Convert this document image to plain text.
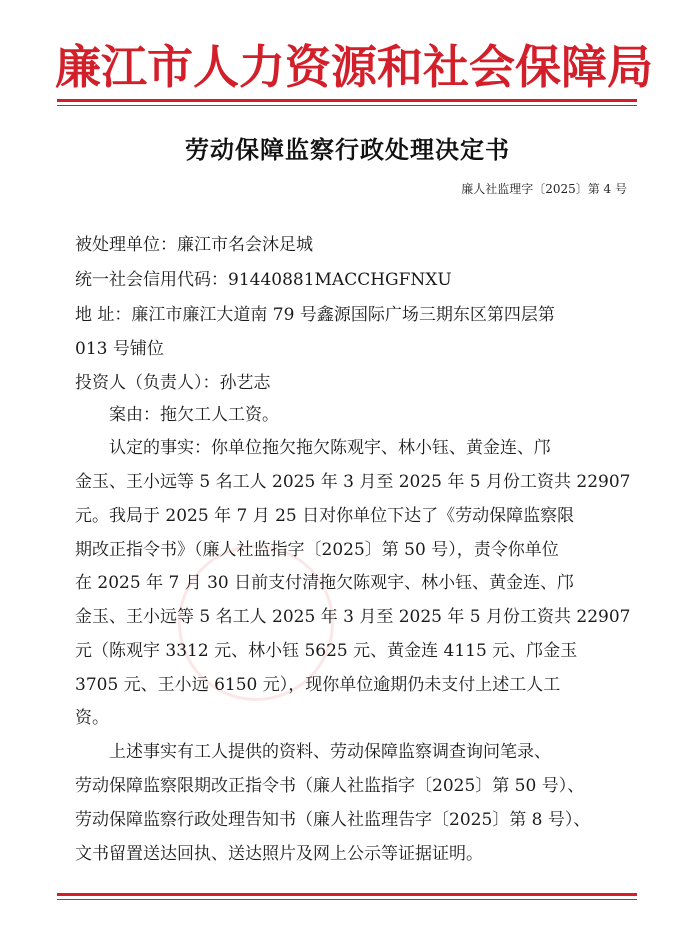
廉江市人力资源和社会保障局
劳动保障监察行政处理决定书
廉人社监理字〔2025〕第 4 号
被处理单位：廉江市名会沐足城
统一社会信用代码：91440881MACCHGFNXU
地 址：廉江市廉江大道南 79 号鑫源国际广场三期东区第四层第
013 号铺位
投资人（负责人）：孙艺志
案由：拖欠工人工资。
认定的事实：你单位拖欠拖欠陈观宇、林小钰、黄金连、邝
金玉、王小远等 5 名工人 2025 年 3 月至 2025 年 5 月份工资共 22907
元。我局于 2025 年 7 月 25 日对你单位下达了《劳动保障监察限
期改正指令书》（廉人社监指字〔2025〕第 50 号），责令你单位
在 2025 年 7 月 30 日前支付清拖欠陈观宇、林小钰、黄金连、邝
金玉、王小远等 5 名工人 2025 年 3 月至 2025 年 5 月份工资共 22907
元（陈观宇 3312 元、林小钰 5625 元、黄金连 4115 元、邝金玉
3705 元、王小远 6150 元），现你单位逾期仍未支付上述工人工
资。
上述事实有工人提供的资料、劳动保障监察调查询问笔录、
劳动保障监察限期改正指令书（廉人社监指字〔2025〕第 50 号）、
劳动保障监察行政处理告知书（廉人社监理告字〔2025〕第 8 号）、
文书留置送达回执、送达照片及网上公示等证据证明。
